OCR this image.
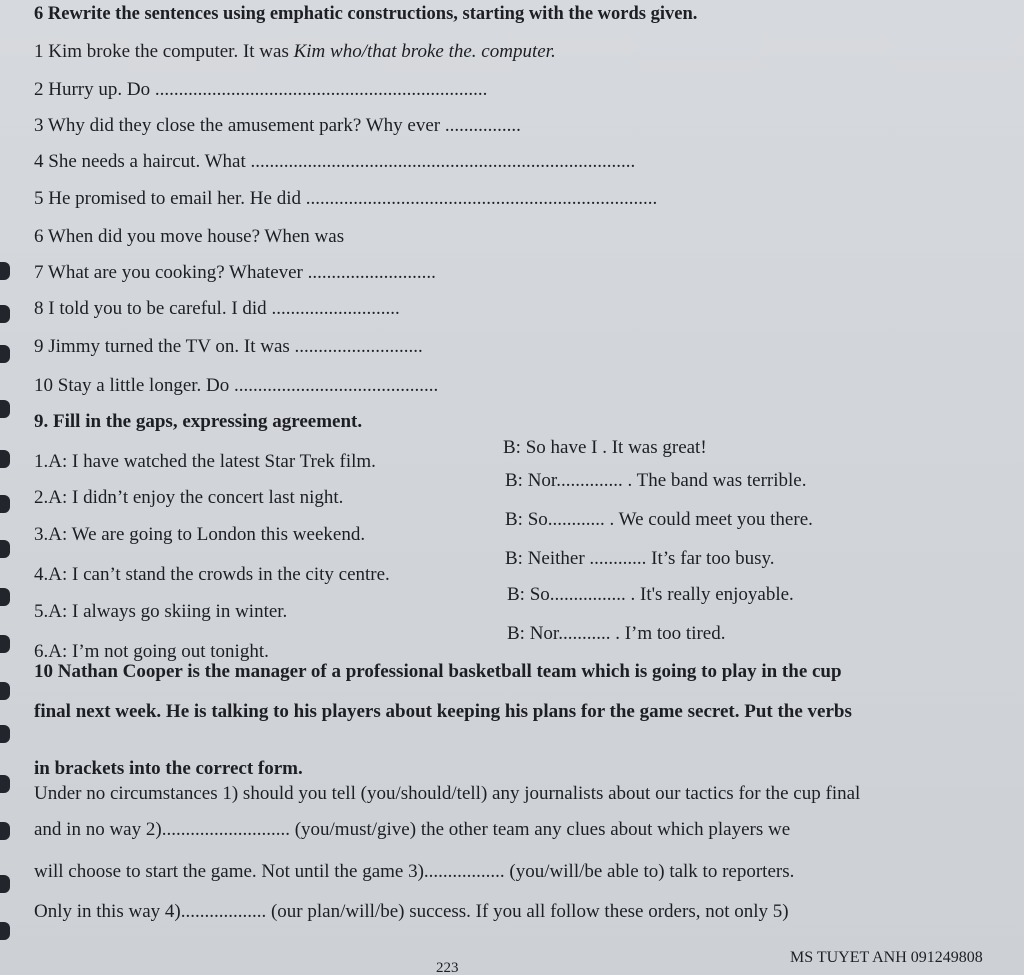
6 Rewrite the sentences using emphatic constructions, starting with the words given.
1 Kim broke the computer. It was Kim who/that broke the. computer.
2 Hurry up. Do ......................................................................
3 Why did they close the amusement park? Why ever ................
4 She needs a haircut. What .................................................................................
5 He promised to email her. He did ..........................................................................
6 When did you move house? When was
7 What are you cooking? Whatever ...........................
8 I told you to be careful. I did ...........................
9 Jimmy turned the TV on. It was ...........................
10 Stay a little longer. Do ...........................................
9. Fill in the gaps, expressing agreement.
1.A: I have watched the latest Star Trek film.
B: So have I . It was great!
2.A: I didn’t enjoy the concert last night.
B: Nor.............. . The band was terrible.
3.A: We are going to London this weekend.
B: So............ . We could meet you there.
4.A: I can’t stand the crowds in the city centre.
B: Neither ............ It’s far too busy.
5.A: I always go skiing in winter.
B: So................ . It's really enjoyable.
6.A: I’m not going out tonight.
B: Nor........... . I’m too tired.
10 Nathan Cooper is the manager of a professional basketball team which is going to play in the cup
final next week. He is talking to his players about keeping his plans for the game secret. Put the verbs
in brackets into the correct form.
Under no circumstances 1) should you tell (you/should/tell) any journalists about our tactics for the cup final
and in no way 2)........................... (you/must/give) the other team any clues about which players we
will choose to start the game. Not until the game 3)................. (you/will/be able to) talk to reporters.
Only in this way 4).................. (our plan/will/be) success. If you all follow these orders, not only 5)
223
MS TUYET ANH 091249808
